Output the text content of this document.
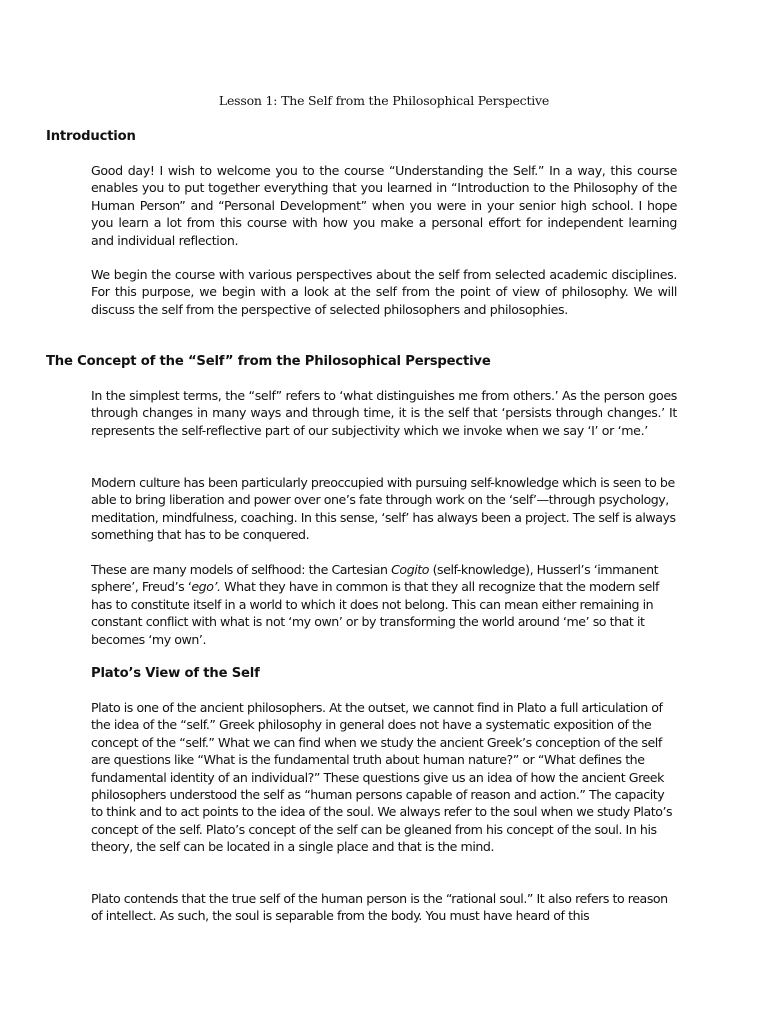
Lesson 1: The Self from the Philosophical Perspective
Introduction
Good day! I wish to welcome you to the course “Understanding the Self.” In a way, this course enables you to put together everything that you learned in “Introduction to the Philosophy of the Human Person” and “Personal Development” when you were in your senior high school. I hope you learn a lot from this course with how you make a personal effort for independent learning and individual reflection.
We begin the course with various perspectives about the self from selected academic disciplines. For this purpose, we begin with a look at the self from the point of view of philosophy. We will discuss the self from the perspective of selected philosophers and philosophies.
The Concept of the “Self” from the Philosophical Perspective
In the simplest terms, the “self” refers to ‘what distinguishes me from others.’ As the person goes through changes in many ways and through time, it is the self that ‘persists through changes.’ It represents the self-reflective part of our subjectivity which we invoke when we say ‘I’ or ‘me.’
Modern culture has been particularly preoccupied with pursuing self-knowledge which is seen to be able to bring liberation and power over one’s fate through work on the ‘self’—through psychology, meditation, mindfulness, coaching. In this sense, ‘self’ has always been a project. The self is always something that has to be conquered.
These are many models of selfhood: the Cartesian Cogito (self-knowledge), Husserl’s ‘immanent sphere’, Freud’s ‘ego’. What they have in common is that they all recognize that the modern self has to constitute itself in a world to which it does not belong. This can mean either remaining in constant conflict with what is not ‘my own’ or by transforming the world around ‘me’ so that it becomes ‘my own’.
Plato’s View of the Self
Plato is one of the ancient philosophers. At the outset, we cannot find in Plato a full articulation of the idea of the “self.” Greek philosophy in general does not have a systematic exposition of the concept of the “self.” What we can find when we study the ancient Greek’s conception of the self are questions like “What is the fundamental truth about human nature?” or “What defines the fundamental identity of an individual?” These questions give us an idea of how the ancient Greek philosophers understood the self as “human persons capable of reason and action.” The capacity to think and to act points to the idea of the soul. We always refer to the soul when we study Plato’s concept of the self. Plato’s concept of the self can be gleaned from his concept of the soul. In his theory, the self can be located in a single place and that is the mind.
Plato contends that the true self of the human person is the “rational soul.” It also refers to reason of intellect. As such, the soul is separable from the body. You must have heard of this
